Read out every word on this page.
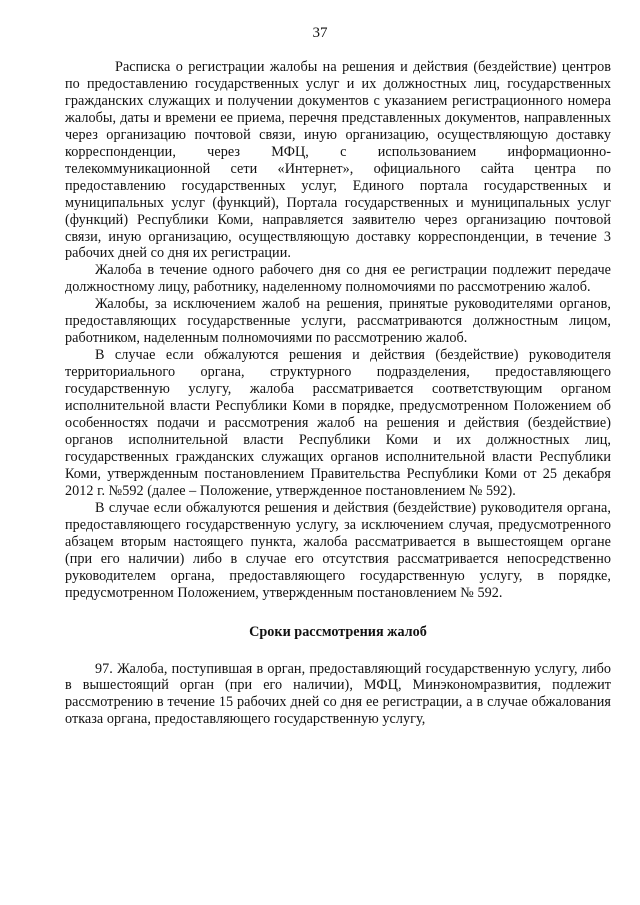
37

Расписка о регистрации жалобы на решения и действия (бездействие) центров по предоставлению государственных услуг и их должностных лиц, государственных гражданских служащих и получении документов с указанием регистрационного номера жалобы, даты и времени ее приема, перечня представленных документов, направленных через организацию почтовой связи, иную организацию, осуществляющую доставку корреспонденции, через МФЦ, с использованием информационно-телекоммуникационной сети «Интернет», официального сайта центра по предоставлению государственных услуг, Единого портала государственных и муниципальных услуг (функций), Портала государственных и муниципальных услуг (функций) Республики Коми, направляется заявителю через организацию почтовой связи, иную организацию, осуществляющую доставку корреспонденции, в течение 3 рабочих дней со дня их регистрации.

Жалоба в течение одного рабочего дня со дня ее регистрации подлежит передаче должностному лицу, работнику, наделенному полномочиями по рассмотрению жалоб.

Жалобы, за исключением жалоб на решения, принятые руководителями органов, предоставляющих государственные услуги, рассматриваются должностным лицом, работником, наделенным полномочиями по рассмотрению жалоб.

В случае если обжалуются решения и действия (бездействие) руководителя территориального органа, структурного подразделения, предоставляющего государственную услугу, жалоба рассматривается соответствующим органом исполнительной власти Республики Коми в порядке, предусмотренном Положением об особенностях подачи и рассмотрения жалоб на решения и действия (бездействие) органов исполнительной власти Республики Коми и их должностных лиц, государственных гражданских служащих органов исполнительной власти Республики Коми, утвержденным постановлением Правительства Республики Коми от 25 декабря 2012 г. №592 (далее – Положение, утвержденное постановлением № 592).

В случае если обжалуются решения и действия (бездействие) руководителя органа, предоставляющего государственную услугу, за исключением случая, предусмотренного абзацем вторым настоящего пункта, жалоба рассматривается в вышестоящем органе (при его наличии) либо в случае его отсутствия рассматривается непосредственно руководителем органа, предоставляющего государственную услугу, в порядке, предусмотренном Положением, утвержденным постановлением № 592.

Сроки рассмотрения жалоб

97. Жалоба, поступившая в орган, предоставляющий государственную услугу, либо в вышестоящий орган (при его наличии), МФЦ, Минэкономразвития, подлежит рассмотрению в течение 15 рабочих дней со дня ее регистрации, а в случае обжалования отказа органа, предоставляющего государственную услугу,
